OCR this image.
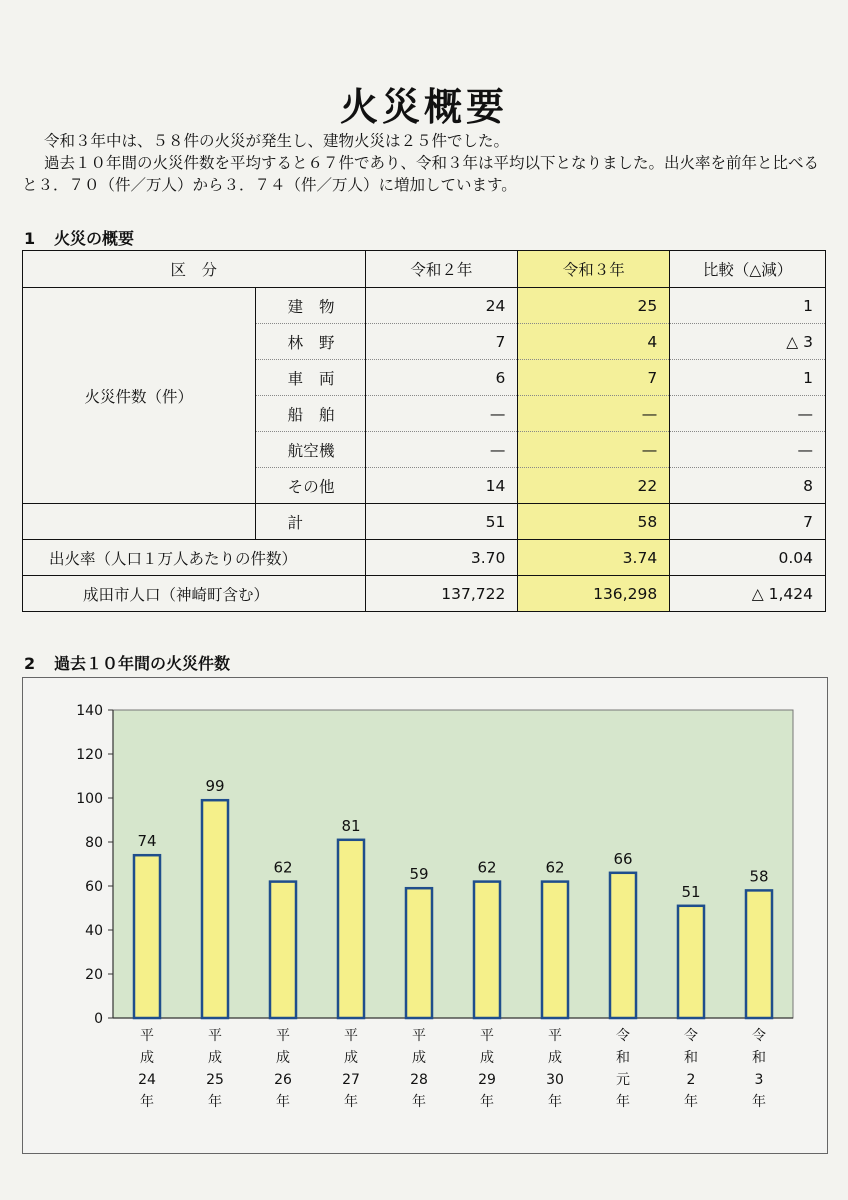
火災概要

令和３年中は、５８件の火災が発生し、建物火災は２５件でした。

過去１０年間の火災件数を平均すると６７件であり、令和３年は平均以下となりました。出火率を前年と比べると３．７０（件／万人）から３．７４（件／万人）に増加しています。

1 火災の概要
区　分		令和２年	令和３年	比較（△減）
火災件数（件）	建物	24	25	1
	林野	7	4	△ 3
	車両	6	7	1
	船舶	—	—	—
	航空機	—	—	—
	その他	14	22	8
	計	51	58	7
出火率（人口１万人あたりの件数）		3.70	3.74	0.04
成田市人口（神崎町含む）		137,722	136,298	△ 1,424
2 過去１０年間の火災件数
0
20
40
60
80
100
120
140
74
平成 24 年
99
平成 25 年
62
平成 26 年
81
平成 27 年
59
平成 28 年
62
平成 29 年
62
平成 30 年
66
令和元年
51
令和 2 年
58
令和 3 年
